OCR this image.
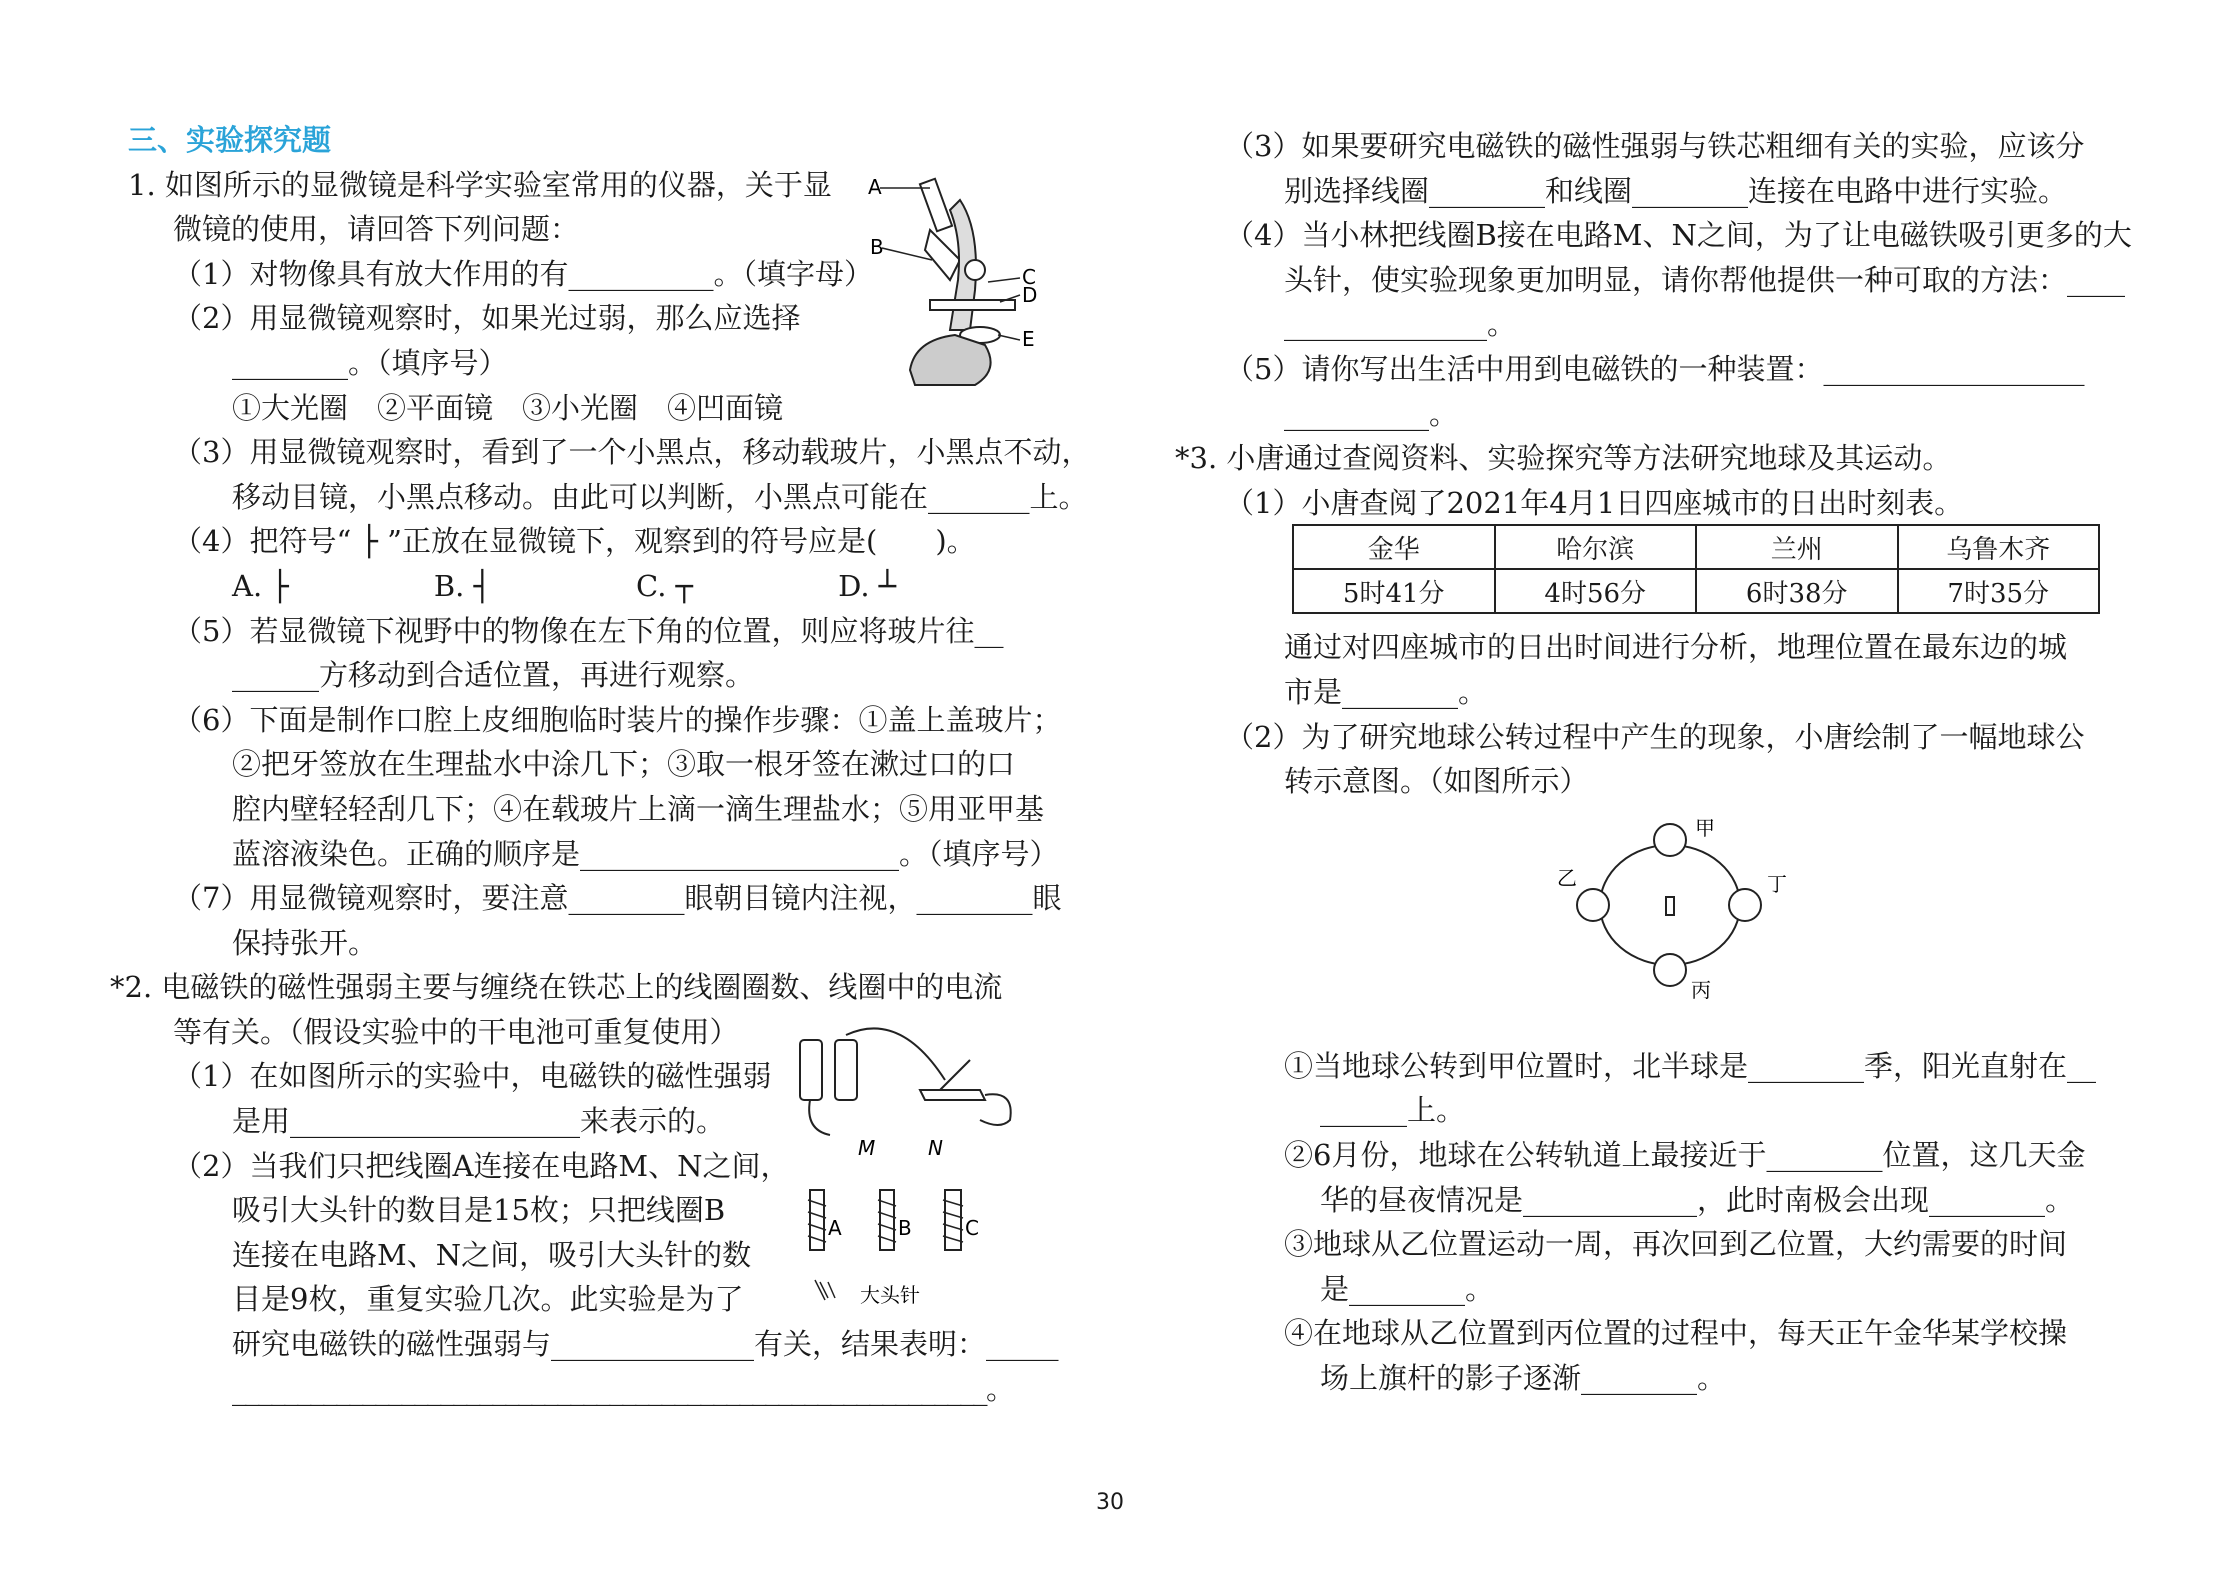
三、实验探究题
1. 如图所示的显微镜是科学实验室常用的仪器，关于显
微镜的使用，请回答下列问题：
（1）对物像具有放大作用的有__________。（填字母）
（2）用显微镜观察时，如果光过弱，那么应选择
________。（填序号）
①大光圈　②平面镜　③小光圈　④凹面镜
（3）用显微镜观察时，看到了一个小黑点，移动载玻片，小黑点不动，
移动目镜，小黑点移动。由此可以判断，小黑点可能在_______上。
（4）把符号“ ├ ”正放在显微镜下，观察到的符号应是(　　)。
A. ├　　　　　B. ┤　　　　　C. ┬　　　　　D. ┴
（5）若显微镜下视野中的物像在左下角的位置，则应将玻片往__
______方移动到合适位置，再进行观察。
（6）下面是制作口腔上皮细胞临时装片的操作步骤：①盖上盖玻片；
②把牙签放在生理盐水中涂几下；③取一根牙签在漱过口的口
腔内壁轻轻刮几下；④在载玻片上滴一滴生理盐水；⑤用亚甲基
蓝溶液染色。正确的顺序是______________________。（填序号）
（7）用显微镜观察时，要注意________眼朝目镜内注视，________眼
保持张开。
*2. 电磁铁的磁性强弱主要与缠绕在铁芯上的线圈圈数、线圈中的电流
等有关。（假设实验中的干电池可重复使用）
（1）在如图所示的实验中，电磁铁的磁性强弱
是用____________________来表示的。
（2）当我们只把线圈A连接在电路M、N之间，
吸引大头针的数目是15枚；只把线圈B
连接在电路M、N之间，吸引大头针的数
目是9枚，重复实验几次。此实验是为了
研究电磁铁的磁性强弱与______________有关，结果表明：_____
__________________________________________________________。
（3）如果要研究电磁铁的磁性强弱与铁芯粗细有关的实验，应该分
别选择线圈________和线圈________连接在电路中进行实验。
（4）当小林把线圈B接在电路M、N之间，为了让电磁铁吸引更多的大
头针，使实验现象更加明显，请你帮他提供一种可取的方法：____
______________。
（5）请你写出生活中用到电磁铁的一种装置：__________________
__________。
*3. 小唐通过查阅资料、实验探究等方法研究地球及其运动。
（1）小唐查阅了2021年4月1日四座城市的日出时刻表。
通过对四座城市的日出时间进行分析，地理位置在最东边的城
市是________。
（2）为了研究地球公转过程中产生的现象，小唐绘制了一幅地球公
转示意图。（如图所示）
①当地球公转到甲位置时，北半球是________季，阳光直射在__
______上。
②6月份，地球在公转轨道上最接近于________位置，这几天金
华的昼夜情况是____________，此时南极会出现________。
③地球从乙位置运动一周，再次回到乙位置，大约需要的时间
是________。
④在地球从乙位置到丙位置的过程中，每天正午金华某学校操
场上旗杆的影子逐渐________。
金华	哈尔滨	兰州	乌鲁木齐
5时41分	4时56分	6时38分	7时35分
A
B
C
D
E
M	N
A	B	C
大头针
甲
乙	丁
丙
30
